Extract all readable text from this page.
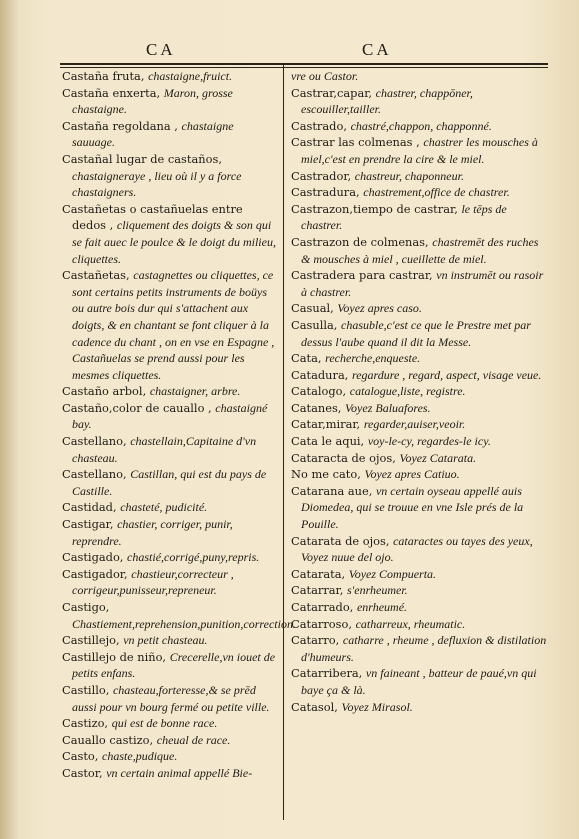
CA	CA

Castaña fruta, chastaigne,fruict.

Castaña enxerta, Maron, grosse chastaigne.

Castaña regoldana , chastaigne sauuage.

Castañal lugar de castaños, chastaigneraye , lieu où il y a force chastaigners.

Castañetas o castañuelas entre dedos , cliquement des doigts & son qui se fait auec le poulce & le doigt du milieu, cliquettes.

Castañetas, castagnettes ou cliquettes, ce sont certains petits instruments de boüys ou autre bois dur qui s'attachent aux doigts, & en chantant se font cliquer à la cadence du chant , on en vse en Espagne , Castañuelas se prend aussi pour les mesmes cliquettes.

Castaño arbol, chastaigner, arbre.

Castaño,color de cauallo , chastaigné bay.

Castellano, chastellain,Capitaine d'vn chasteau.

Castellano, Castillan, qui est du pays de Castille.

Castidad, chasteté, pudicité.

Castigar, chastier, corriger, punir, reprendre.

Castigado, chastié,corrigé,puny,repris.

Castigador, chastieur,correcteur , corrigeur,punisseur,repreneur.

Castigo, Chastiement,reprehension,punition,correction.

Castillejo, vn petit chasteau.

Castillejo de niño, Crecerelle,vn iouet de petits enfans.

Castillo, chasteau,forteresse,& se prēd aussi pour vn bourg fermé ou petite ville.

Castizo, qui est de bonne race.

Cauallo castizo, cheual de race.

Casto, chaste,pudique.

Castor, vn certain animal appellé Bie-

vre ou Castor.

Castrar,capar, chastrer, chappōner, escouiller,tailler.

Castrado, chastré,chappon, chapponné.

Castrar las colmenas , chastrer les mousches à miel,c'est en prendre la cire & le miel.

Castrador, chastreur, chaponneur.

Castradura, chastrement,office de chastrer.

Castrazon,tiempo de castrar, le tēps de chastrer.

Castrazon de colmenas, chastremēt des ruches & mousches à miel , cueillette de miel.

Castradera para castrar, vn instrumēt ou rasoir à chastrer.

Casual, Voyez apres caso.

Casulla, chasuble,c'est ce que le Prestre met par dessus l'aube quand il dit la Messe.

Cata, recherche,enqueste.

Catadura, regardure , regard, aspect, visage veue.

Catalogo, catalogue,liste, registre.

Catanes, Voyez Baluafores.

Catar,mirar, regarder,auiser,veoir.

Cata le aqui, voy-le-cy, regardes-le icy.

Cataracta de ojos, Voyez Catarata.

No me cato, Voyez apres Catiuo.

Catarana aue, vn certain oyseau appellé auis Diomedea, qui se trouue en vne Isle prés de la Pouille.

Catarata de ojos, cataractes ou tayes des yeux, Voyez nuue del ojo.

Catarata, Voyez Compuerta.

Catarrar, s'enrheumer.

Catarrado, enrheumé.

Catarroso, catharreux, rheumatic.

Catarro, catharre , rheume , defluxion & distilation d'humeurs.

Catarribera, vn faineant , batteur de paué,vn qui baye ça & là.

Catasol, Voyez Mirasol.
